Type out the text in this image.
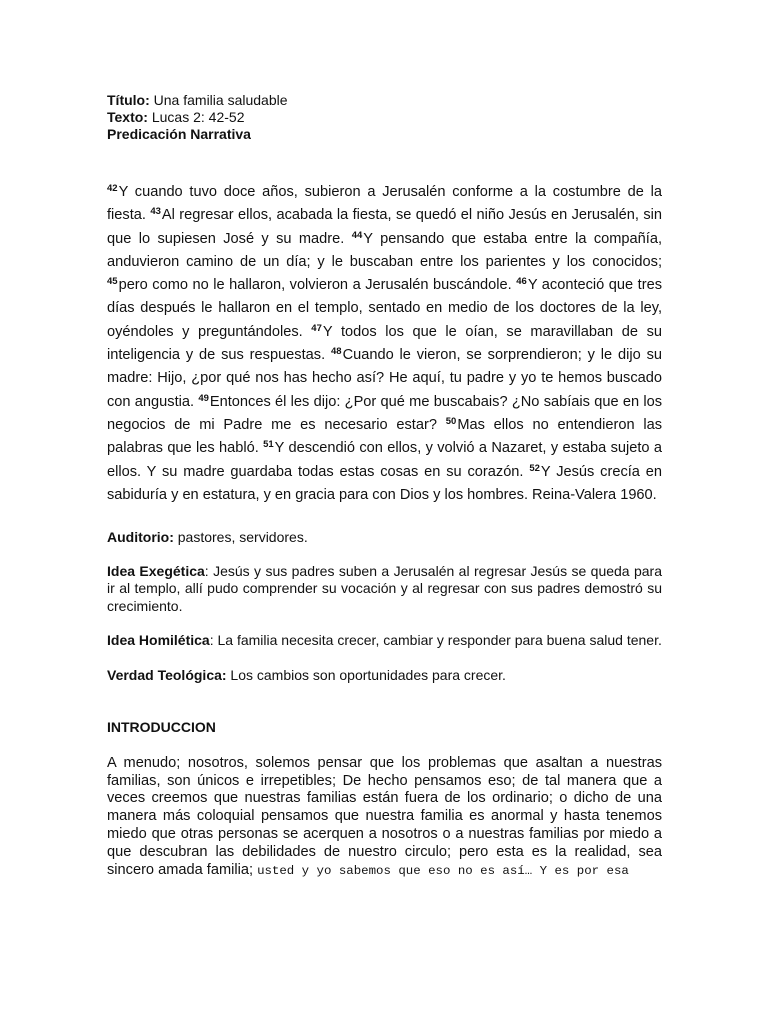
Título: Una familia saludable

Texto: Lucas 2: 42-52

Predicación Narrativa

$^{42}$Y cuando tuvo doce años, subieron a Jerusalén conforme a la costumbre de la fiesta. $^{43}$Al regresar ellos, acabada la fiesta, se quedó el niño Jesús en Jerusalén, sin que lo supiesen José y su madre. $^{44}$Y pensando que estaba entre la compañía, anduvieron camino de un día; y le buscaban entre los parientes y los conocidos; $^{45}$pero como no le hallaron, volvieron a Jerusalén buscándole. $^{46}$Y aconteció que tres días después le hallaron en el templo, sentado en medio de los doctores de la ley, oyéndoles y preguntándoles. $^{47}$Y todos los que le oían, se maravillaban de su inteligencia y de sus respuestas. $^{48}$Cuando le vieron, se sorprendieron; y le dijo su madre: Hijo, ¿por qué nos has hecho así? He aquí, tu padre y yo te hemos buscado con angustia. $^{49}$Entonces él les dijo: ¿Por qué me buscabais? ¿No sabíais que en los negocios de mi Padre me es necesario estar? $^{50}$Mas ellos no entendieron las palabras que les habló. $^{51}$Y descendió con ellos, y volvió a Nazaret, y estaba sujeto a ellos. Y su madre guardaba todas estas cosas en su corazón. $^{52}$Y Jesús crecía en sabiduría y en estatura, y en gracia para con Dios y los hombres. Reina-Valera 1960.

Auditorio: pastores, servidores.

Idea Exegética: Jesús y sus padres suben a Jerusalén al regresar Jesús se queda para ir al templo, allí pudo comprender su vocación y al regresar con sus padres demostró su crecimiento.

Idea Homilética: La familia necesita crecer, cambiar y responder para buena salud tener.

Verdad Teológica: Los cambios son oportunidades para crecer.

INTRODUCCION

A menudo; nosotros, solemos pensar que los problemas que asaltan a nuestras familias, son únicos e irrepetibles; De hecho pensamos eso; de tal manera que a veces creemos que nuestras familias están fuera de los ordinario; o dicho de una manera más coloquial pensamos que nuestra familia es anormal y hasta tenemos miedo que otras personas se acerquen a nosotros o a nuestras familias por miedo a que descubran las debilidades de nuestro circulo; pero esta es la realidad, sea sincero amada familia; usted y yo sabemos que eso no es así… Y es por esa
